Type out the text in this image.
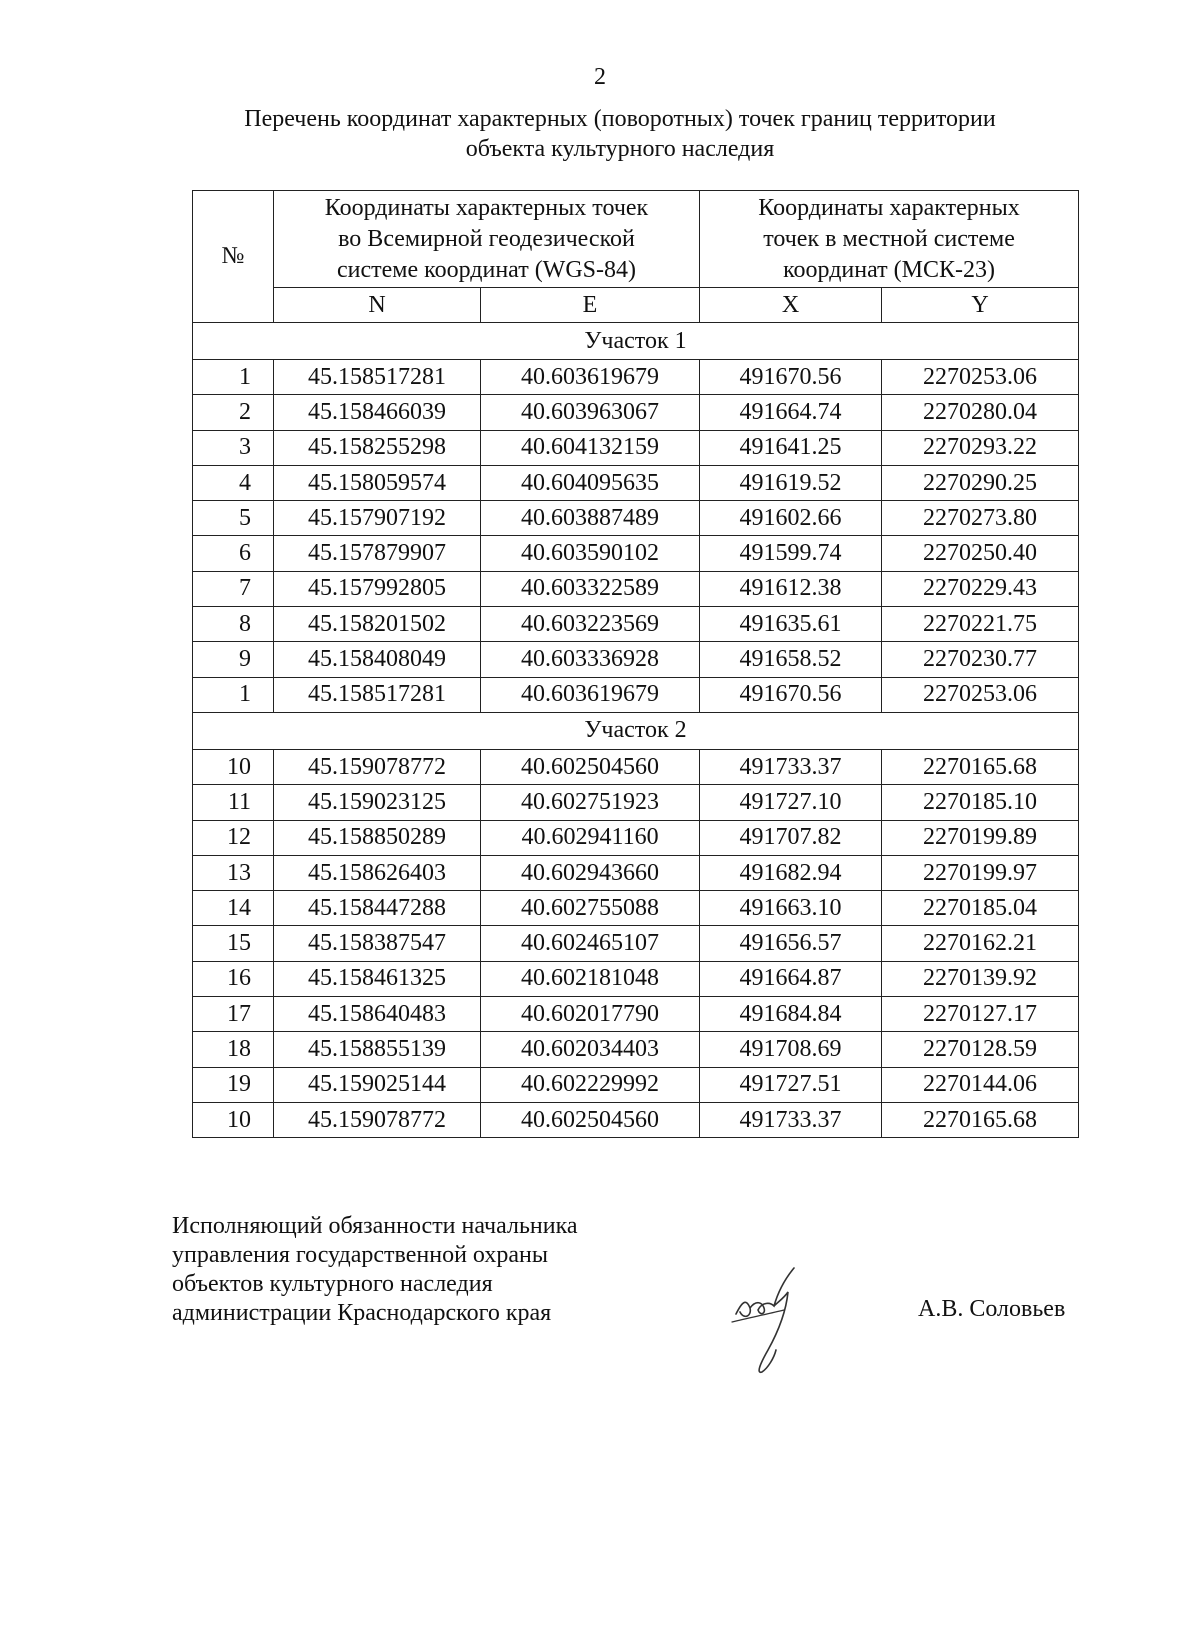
2
Перечень координат характерных (поворотных) точек границ территории
объекта культурного наследия
№	Координаты характерных точек
во Всемирной геодезической
системе координат (WGS-84)		Координаты характерных
точек в местной системе
координат (МСК-23)	

	N	E	X	Y
Участок 1				
1	45.158517281	40.603619679	491670.56	2270253.06
2	45.158466039	40.603963067	491664.74	2270280.04
3	45.158255298	40.604132159	491641.25	2270293.22
4	45.158059574	40.604095635	491619.52	2270290.25
5	45.157907192	40.603887489	491602.66	2270273.80
6	45.157879907	40.603590102	491599.74	2270250.40
7	45.157992805	40.603322589	491612.38	2270229.43
8	45.158201502	40.603223569	491635.61	2270221.75
9	45.158408049	40.603336928	491658.52	2270230.77
1	45.158517281	40.603619679	491670.56	2270253.06
Участок 2				
10	45.159078772	40.602504560	491733.37	2270165.68
11	45.159023125	40.602751923	491727.10	2270185.10
12	45.158850289	40.602941160	491707.82	2270199.89
13	45.158626403	40.602943660	491682.94	2270199.97
14	45.158447288	40.602755088	491663.10	2270185.04
15	45.158387547	40.602465107	491656.57	2270162.21
16	45.158461325	40.602181048	491664.87	2270139.92
17	45.158640483	40.602017790	491684.84	2270127.17
18	45.158855139	40.602034403	491708.69	2270128.59
19	45.159025144	40.602229992	491727.51	2270144.06
10	45.159078772	40.602504560	491733.37	2270165.68
Исполняющий обязанности начальника
управления государственной охраны
объектов культурного наследия
администрации Краснодарского края	А.В. Соловьев
